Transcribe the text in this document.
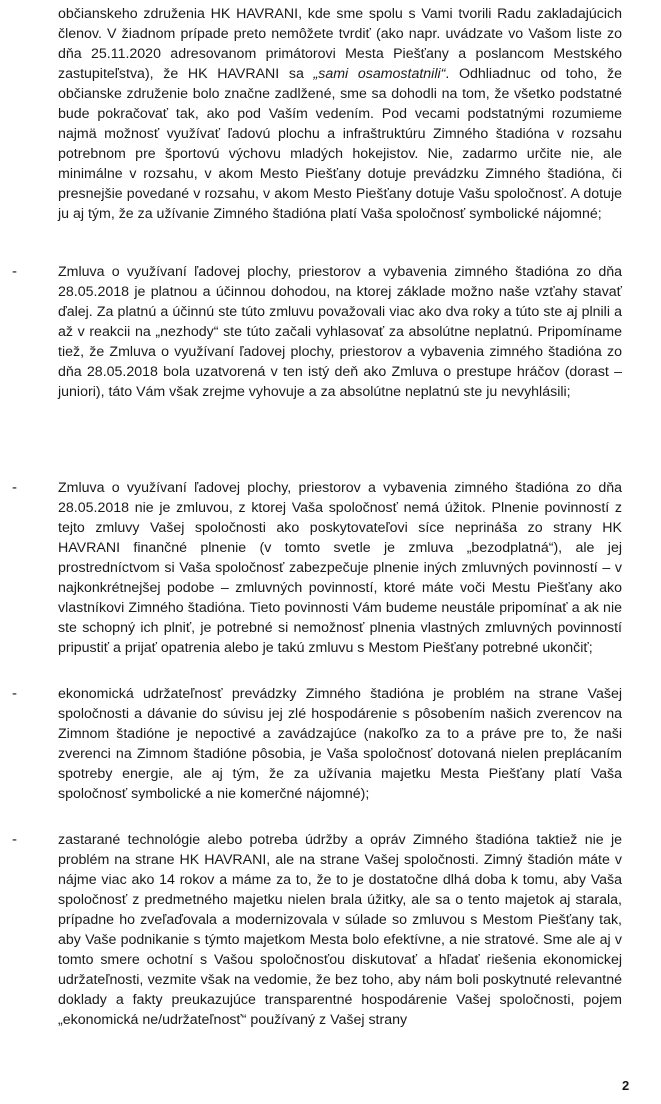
občianskeho združenia HK HAVRANI, kde sme spolu s Vami tvorili Radu zakladajúcich členov. V žiadnom prípade preto nemôžete tvrdiť (ako napr. uvádzate vo Vašom liste zo dňa 25.11.2020 adresovanom primátorovi Mesta Piešťany a poslancom Mestského zastupiteľstva), že HK HAVRANI sa „sami osamostatnili“. Odhliadnuc od toho, že občianske združenie bolo značne zadlžené, sme sa dohodli na tom, že všetko podstatné bude pokračovať tak, ako pod Vaším vedením. Pod vecami podstatnými rozumieme najmä možnosť využívať ľadovú plochu a infraštruktúru Zimného štadióna v rozsahu potrebnom pre športovú výchovu mladých hokejistov. Nie, zadarmo určite nie, ale minimálne v rozsahu, v akom Mesto Piešťany dotuje prevádzku Zimného štadióna, či presnejšie povedané v rozsahu, v akom Mesto Piešťany dotuje Vašu spoločnosť. A dotuje ju aj tým, že za užívanie Zimného štadióna platí Vaša spoločnosť symbolické nájomné;

-	Zmluva o využívaní ľadovej plochy, priestorov a vybavenia zimného štadióna zo dňa 28.05.2018 je platnou a účinnou dohodou, na ktorej základe možno naše vzťahy stavať ďalej. Za platnú a účinnú ste túto zmluvu považovali viac ako dva roky a túto ste aj plnili a až v reakcii na „nezhody“ ste túto začali vyhlasovať za absolútne neplatnú. Pripomíname tiež, že Zmluva o využívaní ľadovej plochy, priestorov a vybavenia zimného štadióna zo dňa 28.05.2018 bola uzatvorená v ten istý deň ako Zmluva o prestupe hráčov (dorast – juniori), táto Vám však zrejme vyhovuje a za absolútne neplatnú ste ju nevyhlásili;

-	Zmluva o využívaní ľadovej plochy, priestorov a vybavenia zimného štadióna zo dňa 28.05.2018 nie je zmluvou, z ktorej Vaša spoločnosť nemá úžitok. Plnenie povinností z tejto zmluvy Vašej spoločnosti ako poskytovateľovi síce neprináša zo strany HK HAVRANI finančné plnenie (v tomto svetle je zmluva „bezodplatná“), ale jej prostredníctvom si Vaša spoločnosť zabezpečuje plnenie iných zmluvných povinností – v najkonkrétnejšej podobe – zmluvných povinností, ktoré máte voči Mestu Piešťany ako vlastníkovi Zimného štadióna. Tieto povinnosti Vám budeme neustále pripomínať a ak nie ste schopný ich plniť, je potrebné si nemožnosť plnenia vlastných zmluvných povinností pripustiť a prijať opatrenia alebo je takú zmluvu s Mestom Piešťany potrebné ukončiť;

-	ekonomická udržateľnosť prevádzky Zimného štadióna je problém na strane Vašej spoločnosti a dávanie do súvisu jej zlé hospodárenie s pôsobením našich zverencov na Zimnom štadióne je nepoctivé a zavádzajúce (nakoľko za to a práve pre to, že naši zverenci na Zimnom štadióne pôsobia, je Vaša spoločnosť dotovaná nielen preplácaním spotreby energie, ale aj tým, že za užívania majetku Mesta Piešťany platí Vaša spoločnosť symbolické a nie komerčné nájomné);

-	zastarané technológie alebo potreba údržby a opráv Zimného štadióna taktiež nie je problém na strane HK HAVRANI, ale na strane Vašej spoločnosti. Zimný štadión máte v nájme viac ako 14 rokov a máme za to, že to je dostatočne dlhá doba k tomu, aby Vaša spoločnosť z predmetného majetku nielen brala úžitky, ale sa o tento majetok aj starala, prípadne ho zveľaďovala a modernizovala v súlade so zmluvou s Mestom Piešťany tak, aby Vaše podnikanie s týmto majetkom Mesta bolo efektívne, a nie stratové. Sme ale aj v tomto smere ochotní s Vašou spoločnosťou diskutovať a hľadať riešenia ekonomickej udržateľnosti, vezmite však na vedomie, že bez toho, aby nám boli poskytnuté relevantné doklady a fakty preukazujúce transparentné hospodárenie Vašej spoločnosti, pojem „ekonomická ne/udržateľnosť“ používaný z Vašej strany

2
